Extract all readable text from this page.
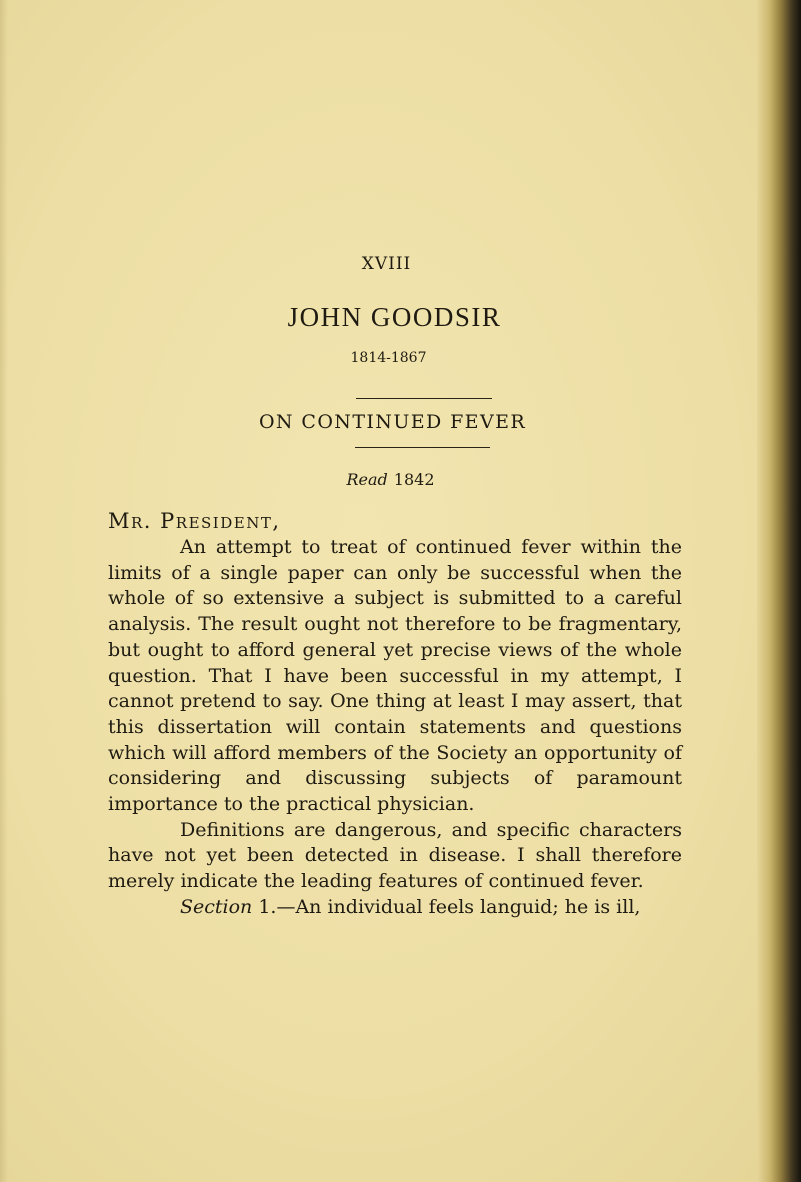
XVIII
JOHN GOODSIR
1814-1867
ON CONTINUED FEVER
Read 1842
Mr. President,

An attempt to treat of continued fever within the limits of a single paper can only be successful when the whole of so extensive a subject is submitted to a careful analysis. The result ought not therefore to be fragmentary, but ought to afford general yet precise views of the whole question. That I have been successful in my attempt, I cannot pretend to say. One thing at least I may assert, that this dissertation will contain statements and questions which will afford members of the Society an opportunity of considering and discussing subjects of paramount importance to the practical physician.

Definitions are dangerous, and specific characters have not yet been detected in disease. I shall therefore merely indicate the leading features of continued fever.

Section 1.—An individual feels languid; he is ill,
